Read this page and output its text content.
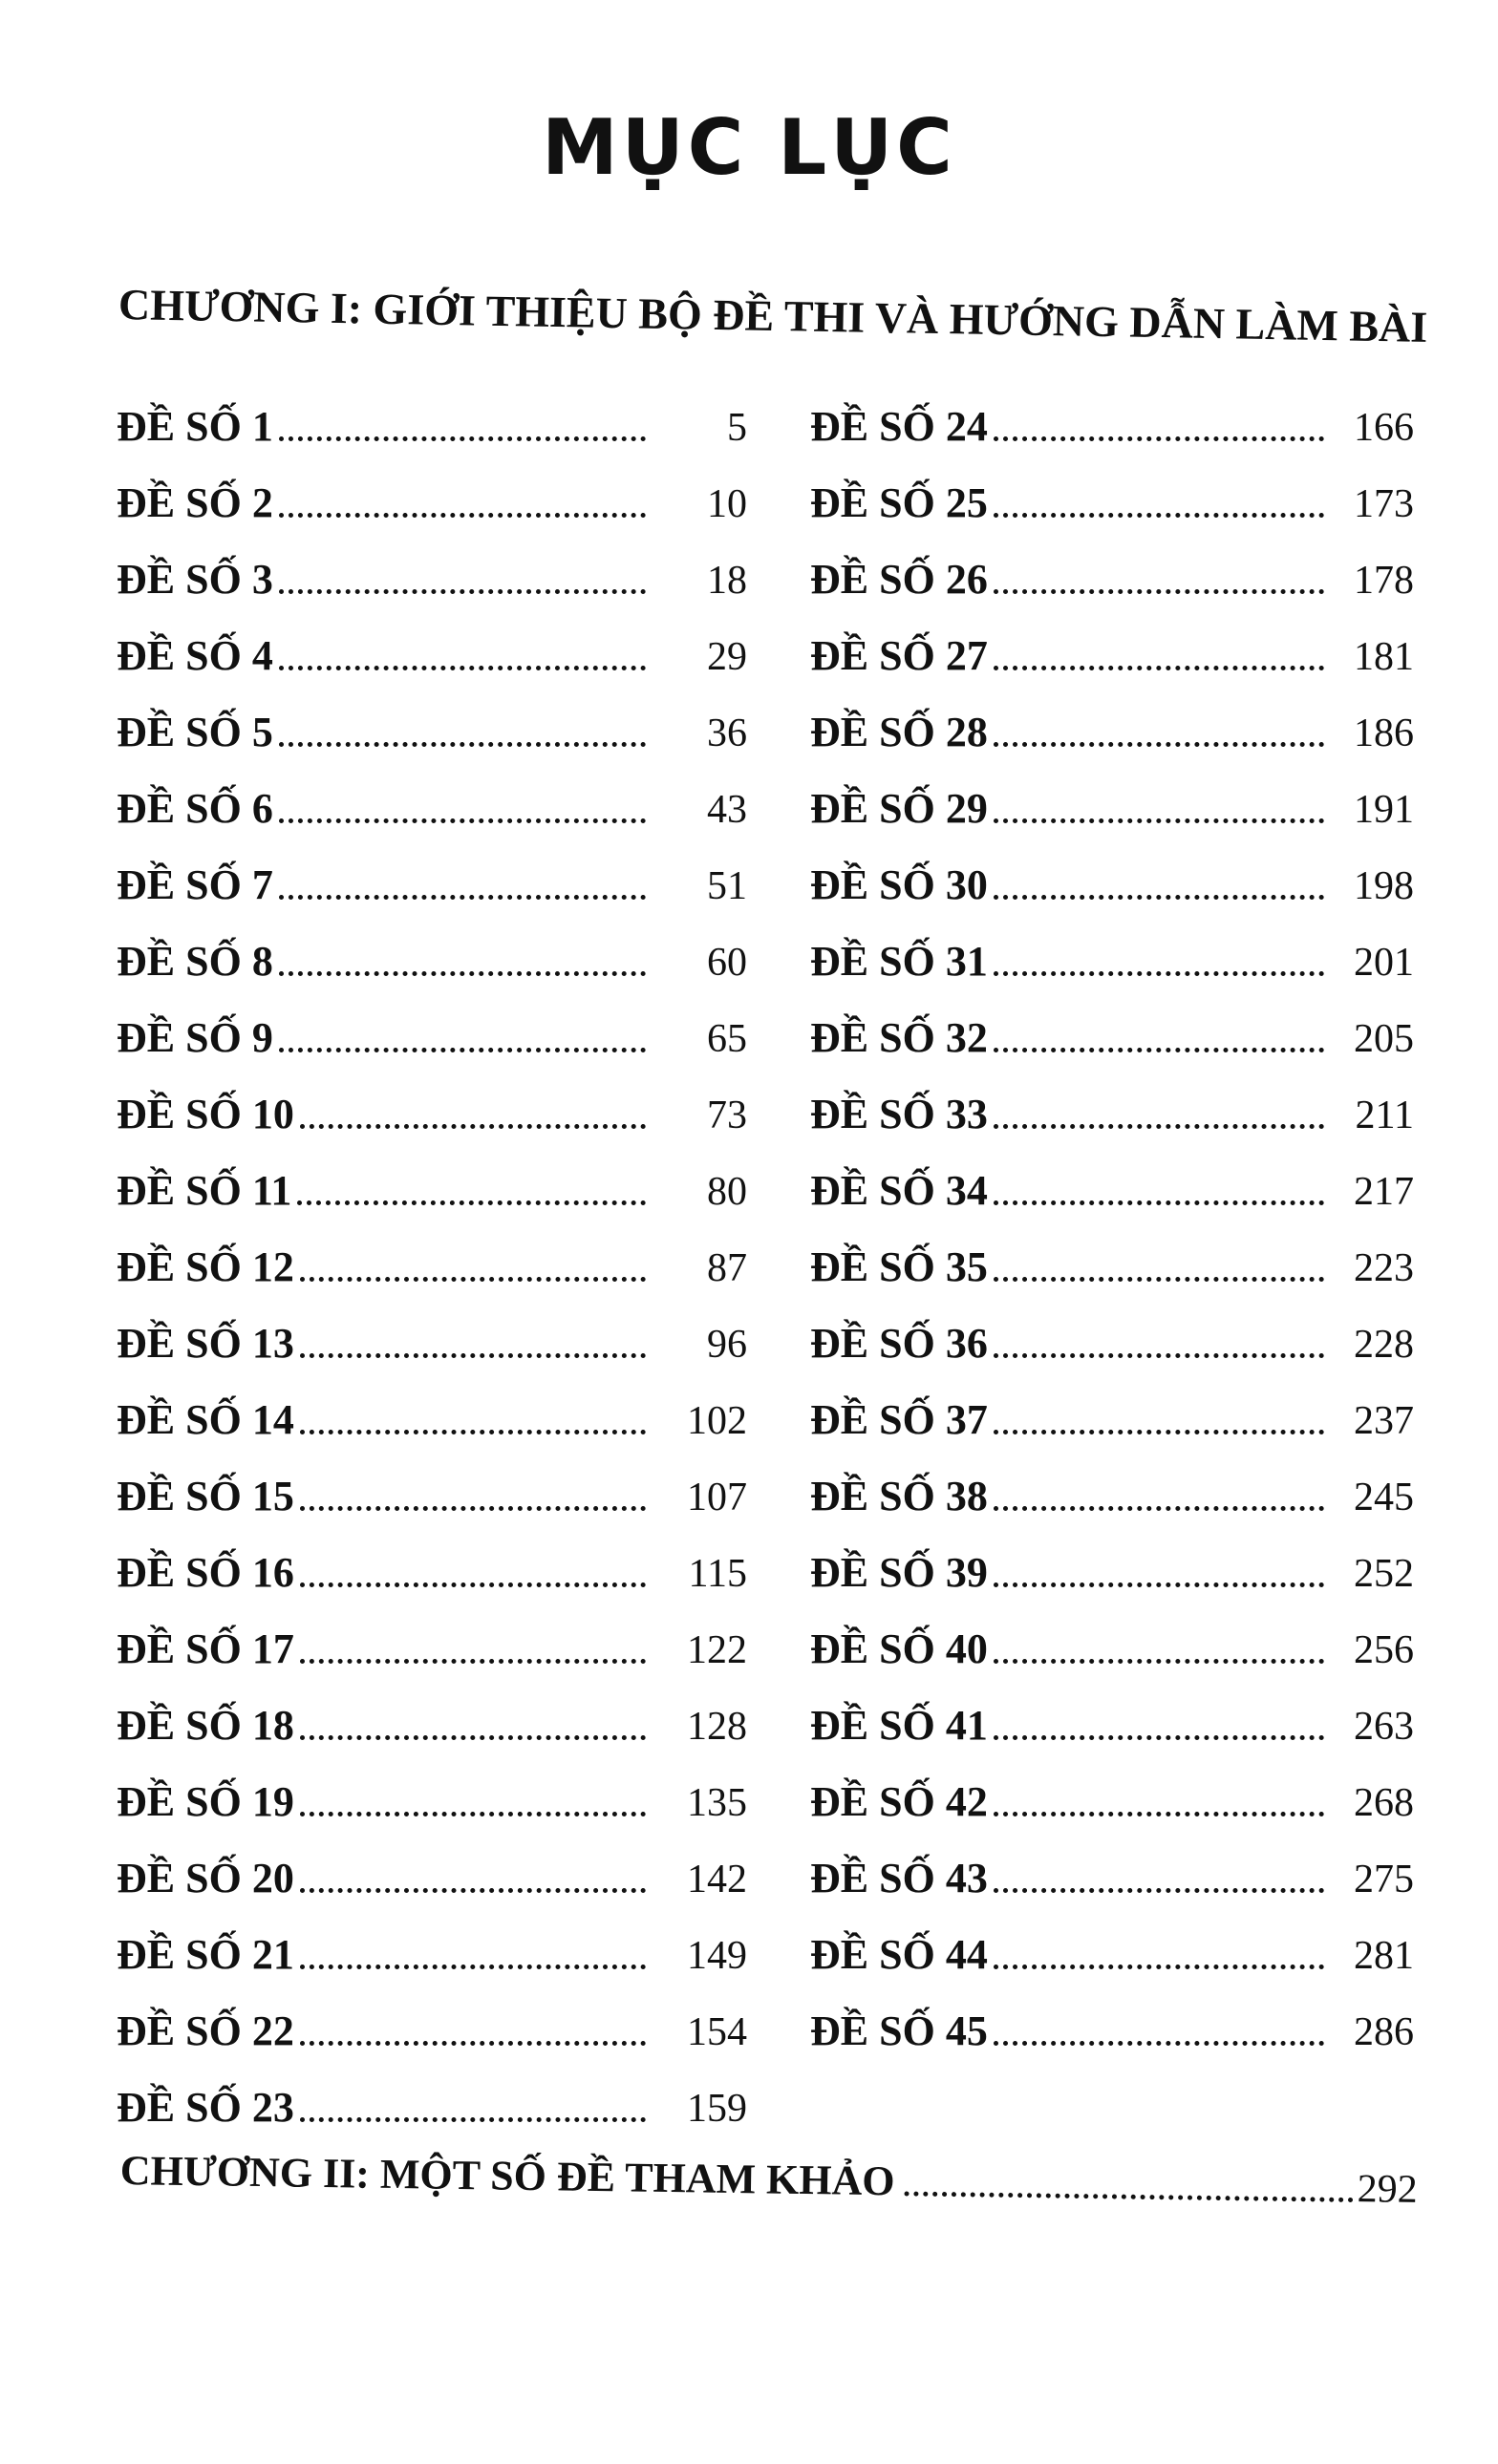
MỤC LỤC
CHƯƠNG I: GIỚI THIỆU BỘ ĐỀ THI VÀ HƯỚNG DẪN LÀM BÀI
ĐỀ SỐ 1	5
ĐỀ SỐ 2	10
ĐỀ SỐ 3	18
ĐỀ SỐ 4	29
ĐỀ SỐ 5	36
ĐỀ SỐ 6	43
ĐỀ SỐ 7	51
ĐỀ SỐ 8	60
ĐỀ SỐ 9	65
ĐỀ SỐ 10	73
ĐỀ SỐ 11	80
ĐỀ SỐ 12	87
ĐỀ SỐ 13	96
ĐỀ SỐ 14	102
ĐỀ SỐ 15	107
ĐỀ SỐ 16	115
ĐỀ SỐ 17	122
ĐỀ SỐ 18	128
ĐỀ SỐ 19	135
ĐỀ SỐ 20	142
ĐỀ SỐ 21	149
ĐỀ SỐ 22	154
ĐỀ SỐ 23	159
ĐỀ SỐ 24	166
ĐỀ SỐ 25	173
ĐỀ SỐ 26	178
ĐỀ SỐ 27	181
ĐỀ SỐ 28	186
ĐỀ SỐ 29	191
ĐỀ SỐ 30	198
ĐỀ SỐ 31	201
ĐỀ SỐ 32	205
ĐỀ SỐ 33	211
ĐỀ SỐ 34	217
ĐỀ SỐ 35	223
ĐỀ SỐ 36	228
ĐỀ SỐ 37	237
ĐỀ SỐ 38	245
ĐỀ SỐ 39	252
ĐỀ SỐ 40	256
ĐỀ SỐ 41	263
ĐỀ SỐ 42	268
ĐỀ SỐ 43	275
ĐỀ SỐ 44	281
ĐỀ SỐ 45	286
CHƯƠNG II: MỘT SỐ ĐỀ THAM KHẢO	292
